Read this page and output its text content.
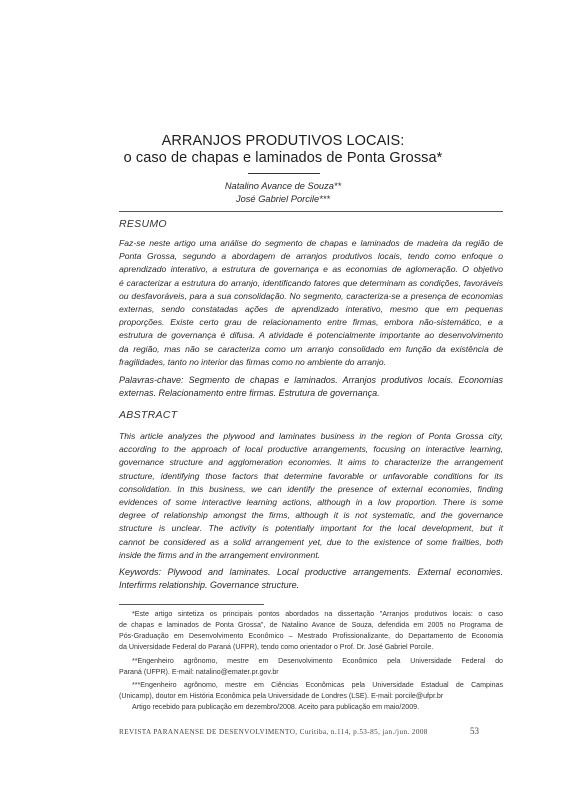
ARRANJOS PRODUTIVOS LOCAIS:
o caso de chapas e laminados de Ponta Grossa*
Natalino Avance de Souza**
José Gabriel Porcile***
RESUMO
Faz-se neste artigo uma análise do segmento de chapas e laminados de madeira da região de
Ponta Grossa, segundo a abordagem de arranjos produtivos locais, tendo como enfoque o
aprendizado interativo, a estrutura de governança e as economias de aglomeração. O objetivo
é caracterizar a estrutura do arranjo, identificando fatores que determinam as condições, favoráveis
ou desfavoráveis, para a sua consolidação. No segmento, caracteriza-se a presença de economias
externas, sendo constatadas ações de aprendizado interativo, mesmo que em pequenas
proporções. Existe certo grau de relacionamento entre firmas, embora não-sistemático, e a
estrutura de governança é difusa. A atividade é potencialmente importante ao desenvolvimento
da região, mas não se caracteriza como um arranjo consolidado em função da existência de
fragilidades, tanto no interior das firmas como no ambiente do arranjo.
Palavras-chave: Segmento de chapas e laminados. Arranjos produtivos locais. Economias
externas. Relacionamento entre firmas. Estrutura de governança.
ABSTRACT
This article analyzes the plywood and laminates business in the region of Ponta Grossa city,
according to the approach of local productive arrangements, focusing on interactive learning,
governance structure and agglomeration economies. It aims to characterize the arrangement
structure, identifying those factors that determine favorable or unfavorable conditions for its
consolidation. In this business, we can identify the presence of external economies, finding
evidences of some interactive learning actions, although in a low proportion. There is some
degree of relationship amongst the firms, although it is not systematic, and the governance
structure is unclear. The activity is potentially important for the local development, but it
cannot be considered as a solid arrangement yet, due to the existence of some frailties, both
inside the firms and in the arrangement environment.
Keywords: Plywood and laminates. Local productive arrangements. External economies.
Interfirms relationship. Governance structure.
*Este artigo sintetiza os principais pontos abordados na dissertação "Arranjos produtivos locais: o caso
de chapas e laminados de Ponta Grossa", de Natalino Avance de Souza, defendida em 2005 no Programa de
Pós-Graduação em Desenvolvimento Econômico – Mestrado Profissionalizante, do Departamento de Economia
da Universidade Federal do Paraná (UFPR), tendo como orientador o Prof. Dr. José Gabriel Porcile.
**Engenheiro agrônomo, mestre em Desenvolvimento Econômico pela Universidade Federal do
Paraná (UFPR). E-mail: natalino@emater.pr.gov.br
***Engenheiro agrônomo, mestre em Ciências Econômicas pela Universidade Estadual de Campinas
(Unicamp), doutor em História Econômica pela Universidade de Londres (LSE). E-mail: porcile@ufpr.br
Artigo recebido para publicação em dezembro/2008. Aceito para publicação em maio/2009.
REVISTA PARANAENSE DE DESENVOLVIMENTO, Curitiba, n.114, p.53-85, jan./jun. 2008	53
